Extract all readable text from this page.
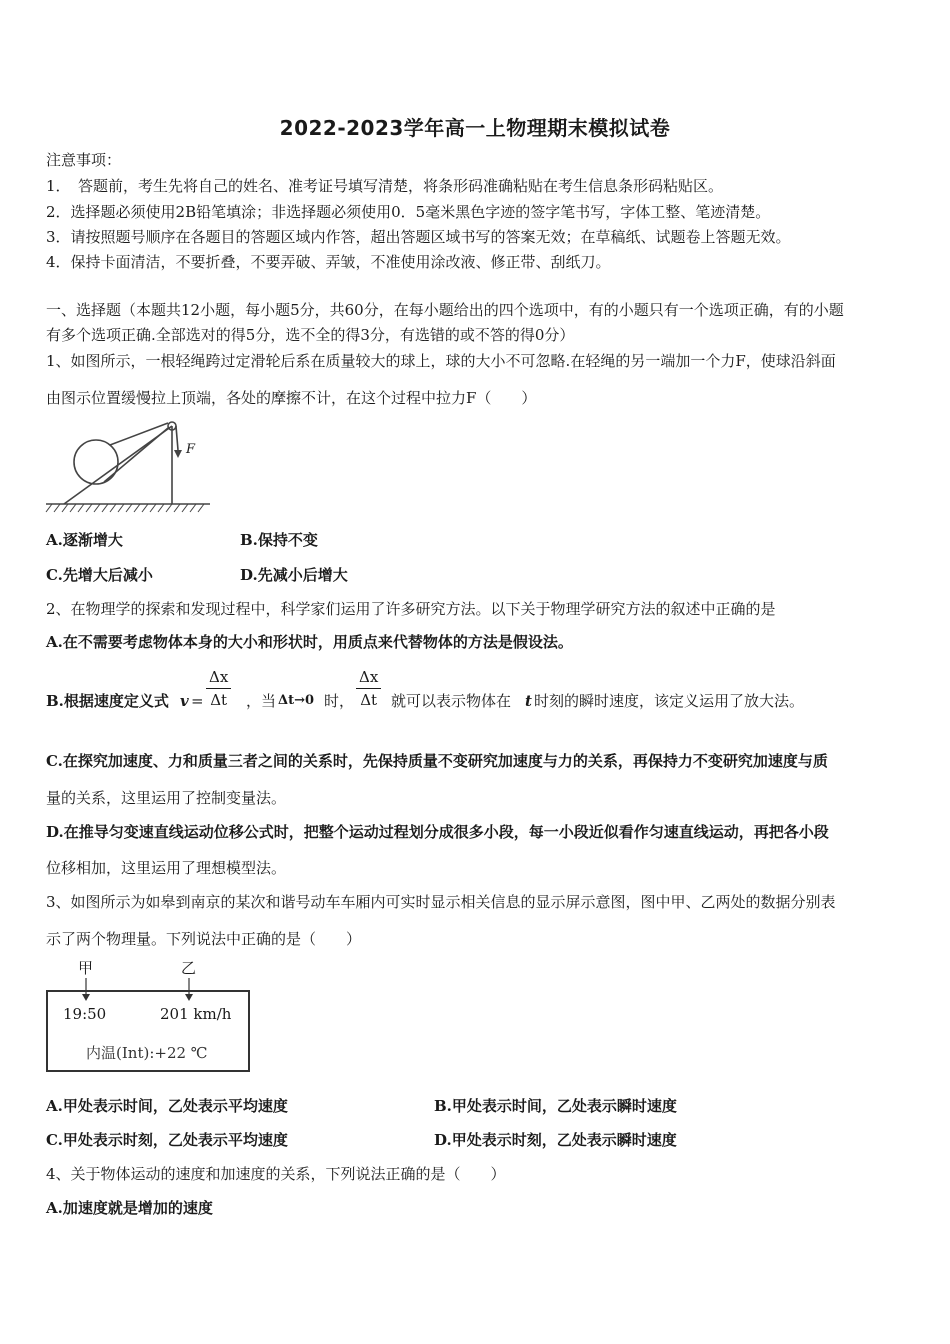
2022-2023学年高一上物理期末模拟试卷
注意事项：
1．　答题前，考生先将自己的姓名、准考证号填写清楚，将条形码准确粘贴在考生信息条形码粘贴区。
2．选择题必须使用2B铅笔填涂；非选择题必须使用0．5毫米黑色字迹的签字笔书写，字体工整、笔迹清楚。
3．请按照题号顺序在各题目的答题区域内作答，超出答题区域书写的答案无效；在草稿纸、试题卷上答题无效。
4．保持卡面清洁，不要折叠，不要弄破、弄皱，不准使用涂改液、修正带、刮纸刀。
一、选择题（本题共12小题，每小题5分，共60分，在每小题给出的四个选项中，有的小题只有一个选项正确，有的小题
有多个选项正确.全部选对的得5分，选不全的得3分，有选错的或不答的得0分）
1、如图所示，一根轻绳跨过定滑轮后系在质量较大的球上，球的大小不可忽略.在轻绳的另一端加一个力F，使球沿斜面
由图示位置缓慢拉上顶端，各处的摩擦不计，在这个过程中拉力F（　　）
F
A.逐渐增大	B.保持不变
C.先增大后减小	D.先减小后增大
2、在物理学的探索和发现过程中，科学家们运用了许多研究方法。以下关于物理学研究方法的叙述中正确的是
A.在不需要考虑物体本身的大小和形状时，用质点来代替物体的方法是假设法。
B.根据速度定义式 v =
Δx
Δt ，当 Δt→0 时，
Δx
Δt 就可以表示物体在 t 时刻的瞬时速度，该定义运用了放大法。
C.在探究加速度、力和质量三者之间的关系时，先保持质量不变研究加速度与力的关系，再保持力不变研究加速度与质
量的关系，这里运用了控制变量法。
D.在推导匀变速直线运动位移公式时，把整个运动过程划分成很多小段，每一小段近似看作匀速直线运动，再把各小段
位移相加，这里运用了理想模型法。
3、如图所示为如皋到南京的某次和谐号动车车厢内可实时显示相关信息的显示屏示意图，图中甲、乙两处的数据分别表
示了两个物理量。下列说法中正确的是（　　）
甲	乙
19:50	201 km/h
内温(Int):+22 ℃
A.甲处表示时间，乙处表示平均速度	B.甲处表示时间，乙处表示瞬时速度
C.甲处表示时刻，乙处表示平均速度	D.甲处表示时刻，乙处表示瞬时速度
4、关于物体运动的速度和加速度的关系，下列说法正确的是（　　）
A.加速度就是增加的速度
